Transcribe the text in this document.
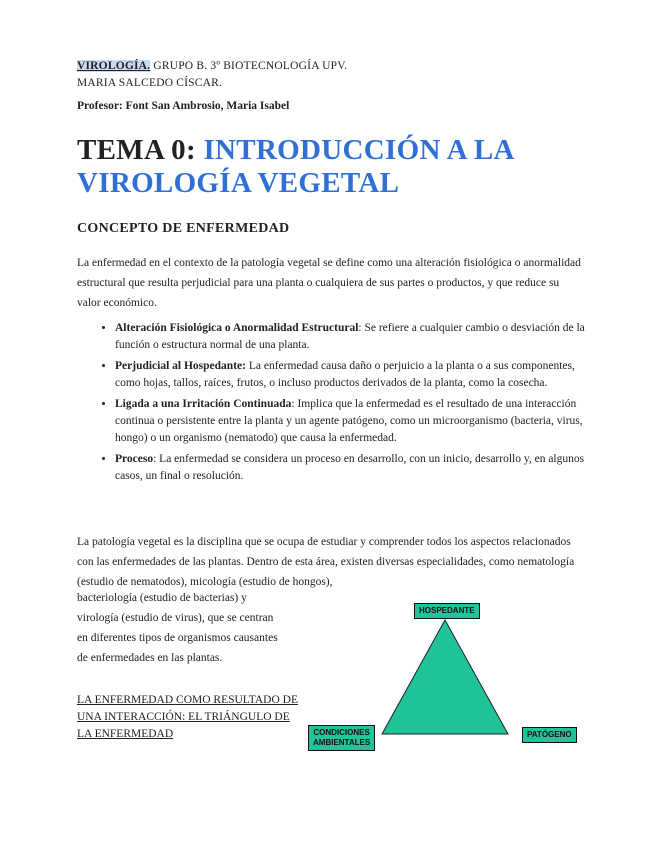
VIROLOGÍA. GRUPO B. 3º BIOTECNOLOGÍA UPV.
MARIA SALCEDO CÍSCAR.
Profesor: Font San Ambrosio, Maria Isabel
TEMA 0: INTRODUCCIÓN A LA
VIROLOGÍA VEGETAL
CONCEPTO DE ENFERMEDAD
La enfermedad en el contexto de la patología vegetal se define como una alteración fisiológica o anormalidad estructural que resulta perjudicial para una planta o cualquiera de sus partes o productos, y que reduce su valor económico.
• Alteración Fisiológica o Anormalidad Estructural: Se refiere a cualquier cambio o desviación de la función o estructura normal de una planta.
• Perjudicial al Hospedante: La enfermedad causa daño o perjuicio a la planta o a sus componentes, como hojas, tallos, raíces, frutos, o incluso productos derivados de la planta, como la cosecha.
• Ligada a una Irritación Continuada: Implica que la enfermedad es el resultado de una interacción continua o persistente entre la planta y un agente patógeno, como un microorganismo (bacteria, virus, hongo) o un organismo (nematodo) que causa la enfermedad.
• Proceso: La enfermedad se considera un proceso en desarrollo, con un inicio, desarrollo y, en algunos casos, un final o resolución.
La patología vegetal es la disciplina que se ocupa de estudiar y comprender todos los aspectos relacionados con las enfermedades de las plantas. Dentro de esta área, existen diversas especialidades, como nematología (estudio de nematodos), micología (estudio de hongos),
bacteriología (estudio de bacterias) y virología (estudio de virus), que se centran en diferentes tipos de organismos causantes de enfermedades en las plantas.
LA ENFERMEDAD COMO RESULTADO DE UNA INTERACCIÓN: EL TRIÁNGULO DE LA ENFERMEDAD
HOSPEDANTE
CONDICIONES
AMBIENTALES
PATÓGENO
